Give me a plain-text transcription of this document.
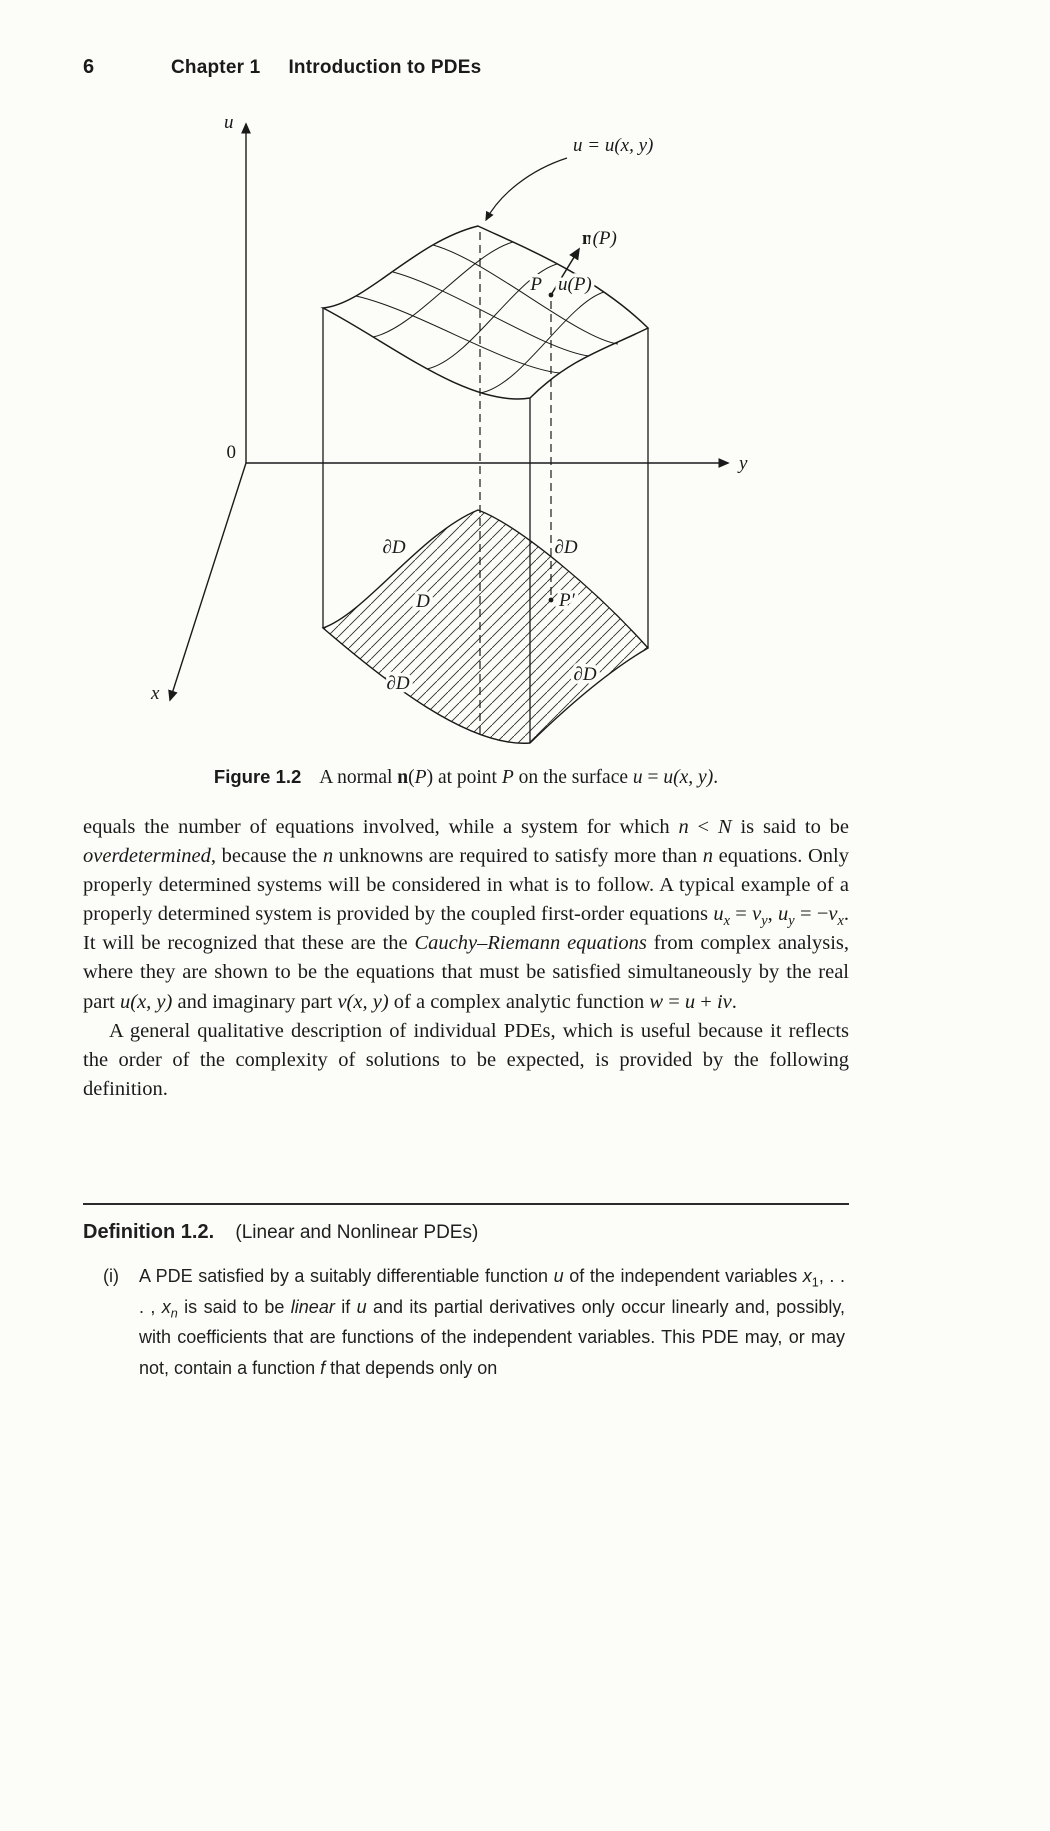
6	Chapter 1 Introduction to PDEs
u
y
x
0
n(P)
P u(P)
u = u(x, y)
∂D	∂D
D	P′
∂D	∂D
Figure 1.2 A normal n(P) at point P on the surface u = u(x, y).

equals the number of equations involved, while a system for which n < N is said to be overdetermined, because the n unknowns are required to satisfy more than n equations. Only properly determined systems will be considered in what is to follow. A typical example of a properly determined system is provided by the coupled first-order equations $u_x = v_y$, $u_y = -v_x$. It will be recognized that these are the Cauchy–Riemann equations from complex analysis, where they are shown to be the equations that must be satisfied simultaneously by the real part u(x, y) and imaginary part v(x, y) of a complex analytic function w = u + iv.

A general qualitative description of individual PDEs, which is useful because it reflects the order of the complexity of solutions to be expected, is provided by the following definition.

Definition 1.2. (Linear and Nonlinear PDEs)
(i)	A PDE satisfied by a suitably differentiable function u of the independent variables $x_1$, . . . , $x_n$ is said to be linear if u and its partial derivatives only occur linearly and, possibly, with coefficients that are functions of the independent variables. This PDE may, or may not, contain a function f that depends only on
